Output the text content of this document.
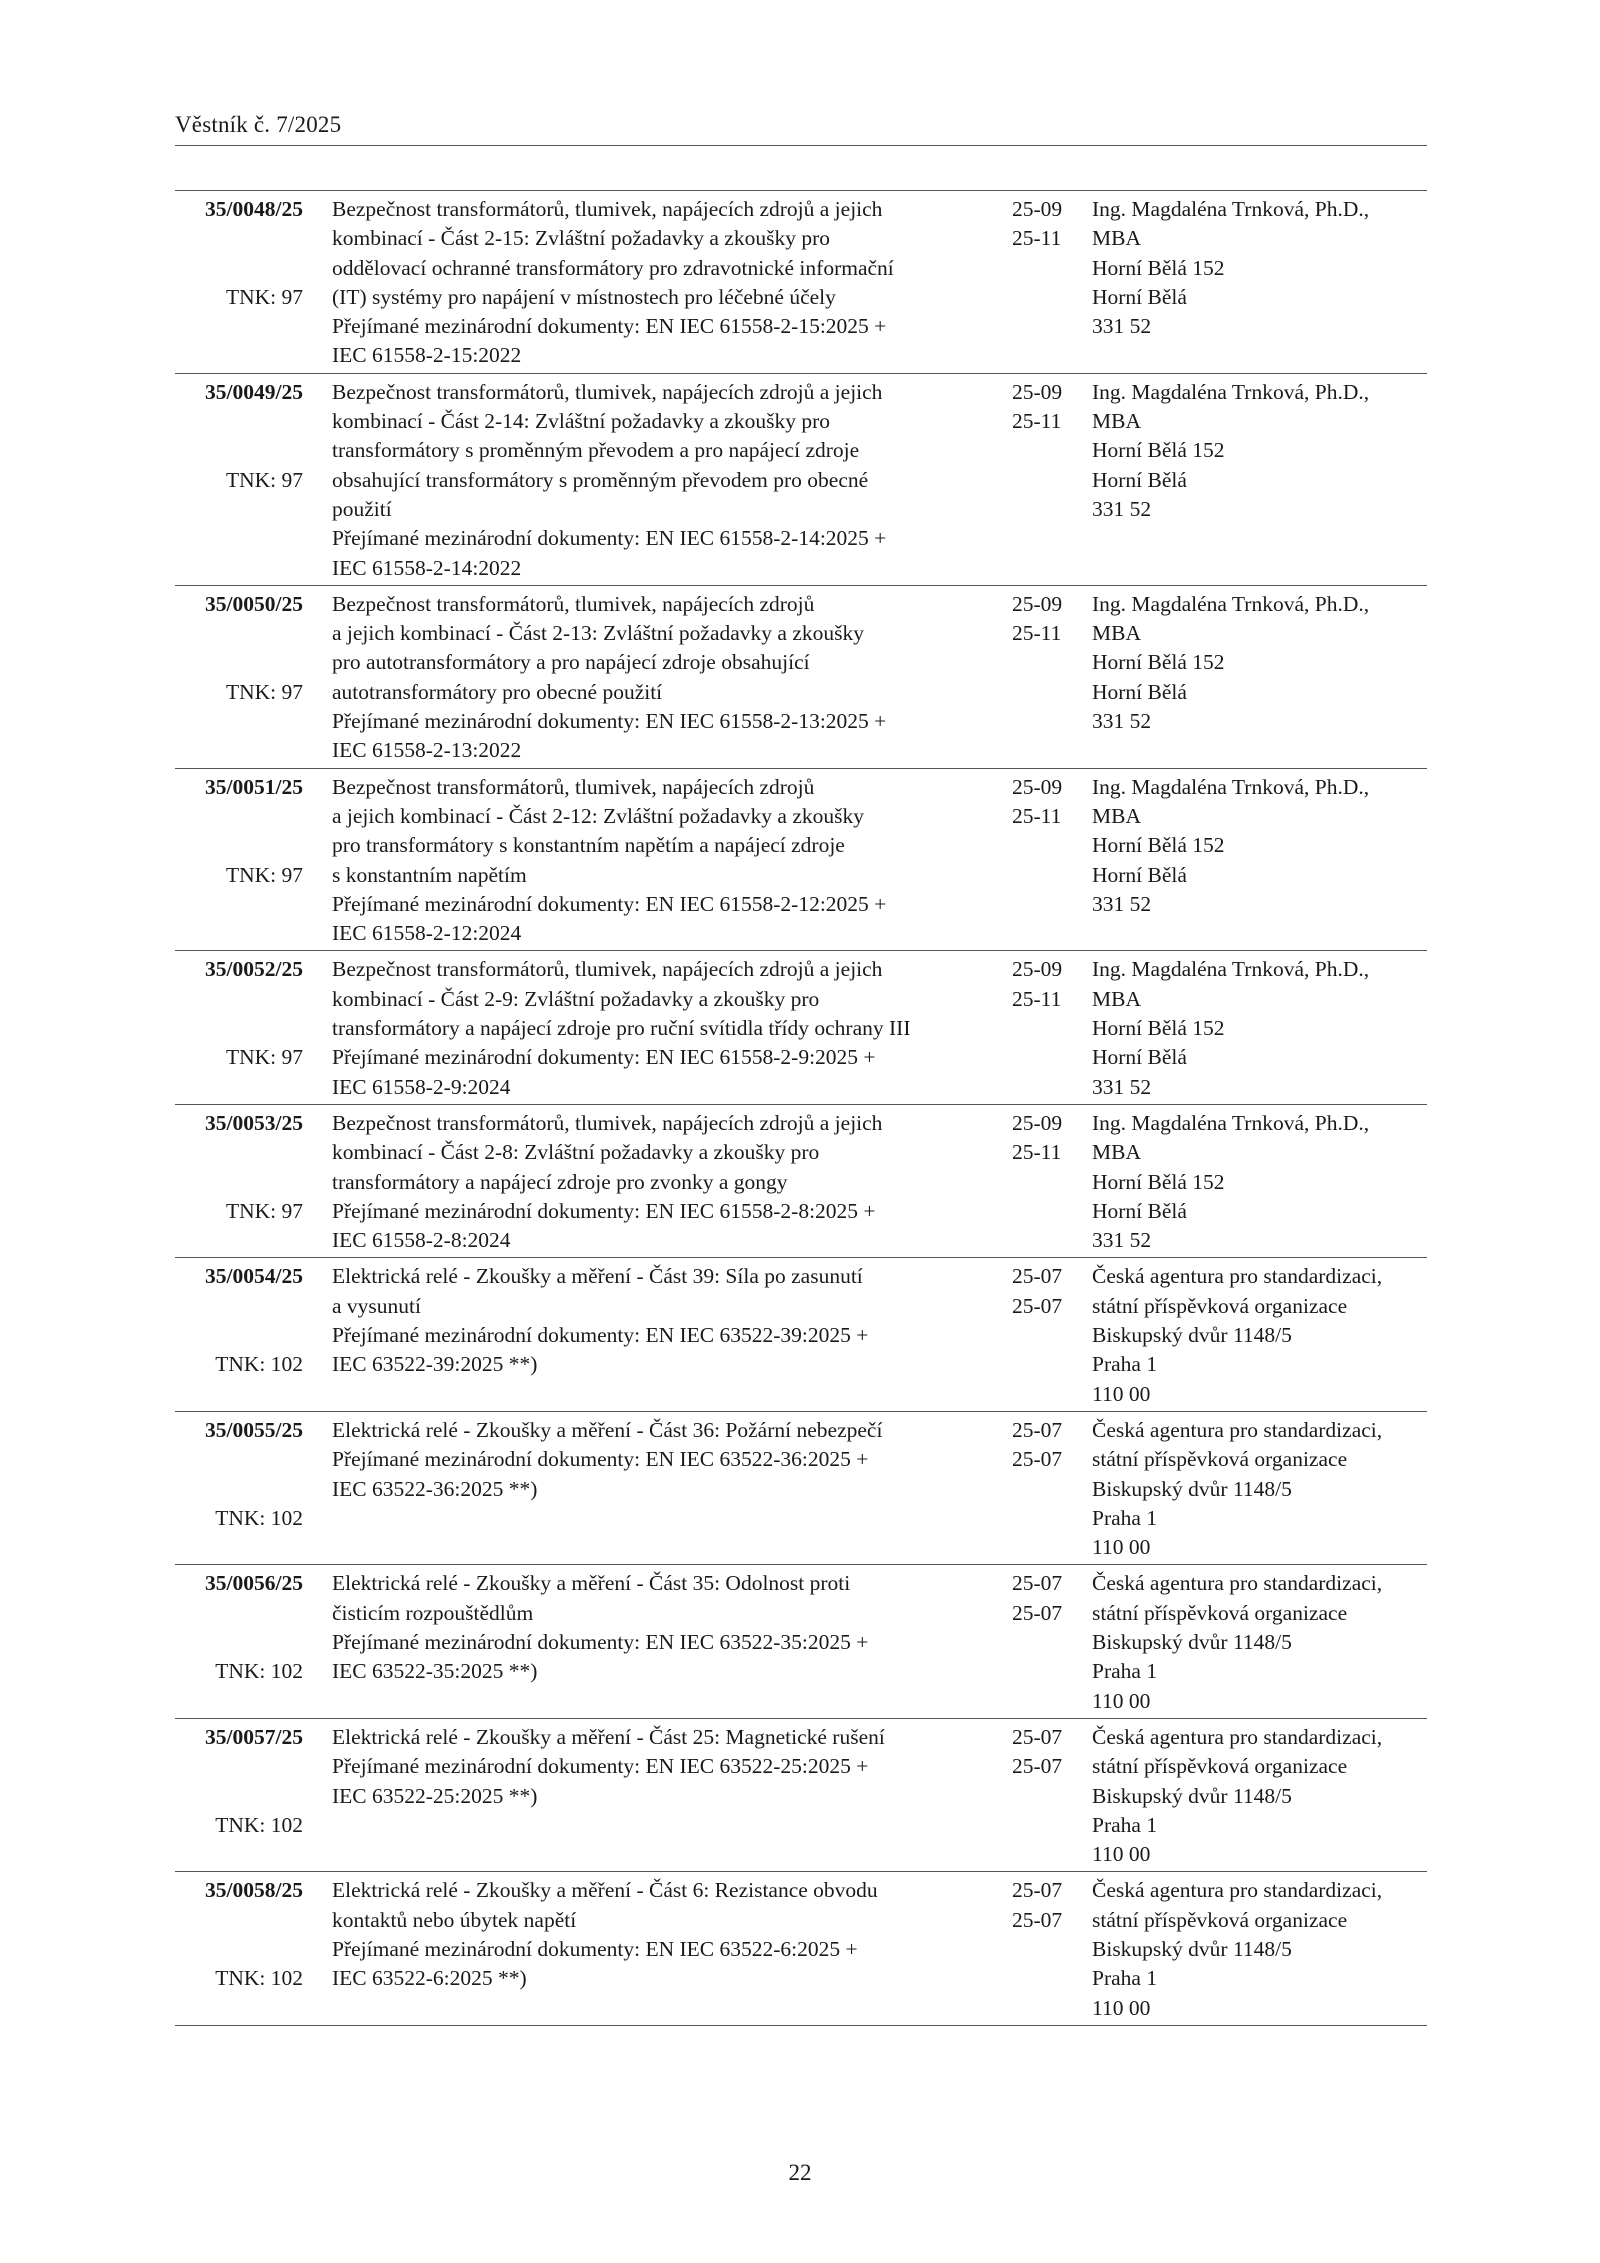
Věstník č. 7/2025
35/0048/25
TNK: 97
Bezpečnost transformátorů, tlumivek, napájecích zdrojů a jejich
kombinací - Část 2-15: Zvláštní požadavky a zkoušky pro
oddělovací ochranné transformátory pro zdravotnické informační
(IT) systémy pro napájení v místnostech pro léčebné účely
Přejímané mezinárodní dokumenty: EN IEC 61558-2-15:2025 +
IEC 61558-2-15:2022
25-09
25-11
Ing. Magdaléna Trnková, Ph.D.,
MBA
Horní Bělá 152
Horní Bělá
331 52
35/0049/25
TNK: 97
Bezpečnost transformátorů, tlumivek, napájecích zdrojů a jejich
kombinací - Část 2-14: Zvláštní požadavky a zkoušky pro
transformátory s proměnným převodem a pro napájecí zdroje
obsahující transformátory s proměnným převodem pro obecné
použití
Přejímané mezinárodní dokumenty: EN IEC 61558-2-14:2025 +
IEC 61558-2-14:2022
25-09
25-11
Ing. Magdaléna Trnková, Ph.D.,
MBA
Horní Bělá 152
Horní Bělá
331 52
35/0050/25
TNK: 97
Bezpečnost transformátorů, tlumivek, napájecích zdrojů
a jejich kombinací - Část 2-13: Zvláštní požadavky a zkoušky
pro autotransformátory a pro napájecí zdroje obsahující
autotransformátory pro obecné použití
Přejímané mezinárodní dokumenty: EN IEC 61558-2-13:2025 +
IEC 61558-2-13:2022
25-09
25-11
Ing. Magdaléna Trnková, Ph.D.,
MBA
Horní Bělá 152
Horní Bělá
331 52
35/0051/25
TNK: 97
Bezpečnost transformátorů, tlumivek, napájecích zdrojů
a jejich kombinací - Část 2-12: Zvláštní požadavky a zkoušky
pro transformátory s konstantním napětím a napájecí zdroje
s konstantním napětím
Přejímané mezinárodní dokumenty: EN IEC 61558-2-12:2025 +
IEC 61558-2-12:2024
25-09
25-11
Ing. Magdaléna Trnková, Ph.D.,
MBA
Horní Bělá 152
Horní Bělá
331 52
35/0052/25
TNK: 97
Bezpečnost transformátorů, tlumivek, napájecích zdrojů a jejich
kombinací - Část 2-9: Zvláštní požadavky a zkoušky pro
transformátory a napájecí zdroje pro ruční svítidla třídy ochrany III
Přejímané mezinárodní dokumenty: EN IEC 61558-2-9:2025 +
IEC 61558-2-9:2024
25-09
25-11
Ing. Magdaléna Trnková, Ph.D.,
MBA
Horní Bělá 152
Horní Bělá
331 52
35/0053/25
TNK: 97
Bezpečnost transformátorů, tlumivek, napájecích zdrojů a jejich
kombinací - Část 2-8: Zvláštní požadavky a zkoušky pro
transformátory a napájecí zdroje pro zvonky a gongy
Přejímané mezinárodní dokumenty: EN IEC 61558-2-8:2025 +
IEC 61558-2-8:2024
25-09
25-11
Ing. Magdaléna Trnková, Ph.D.,
MBA
Horní Bělá 152
Horní Bělá
331 52
35/0054/25
TNK: 102
Elektrická relé - Zkoušky a měření - Část 39: Síla po zasunutí
a vysunutí
Přejímané mezinárodní dokumenty: EN IEC 63522-39:2025 +
IEC 63522-39:2025 **)
25-07
25-07
Česká agentura pro standardizaci,
státní příspěvková organizace
Biskupský dvůr 1148/5
Praha 1
110 00
35/0055/25
TNK: 102
Elektrická relé - Zkoušky a měření - Část 36: Požární nebezpečí
Přejímané mezinárodní dokumenty: EN IEC 63522-36:2025 +
IEC 63522-36:2025 **)
25-07
25-07
Česká agentura pro standardizaci,
státní příspěvková organizace
Biskupský dvůr 1148/5
Praha 1
110 00
35/0056/25
TNK: 102
Elektrická relé - Zkoušky a měření - Část 35: Odolnost proti
čisticím rozpouštědlům
Přejímané mezinárodní dokumenty: EN IEC 63522-35:2025 +
IEC 63522-35:2025 **)
25-07
25-07
Česká agentura pro standardizaci,
státní příspěvková organizace
Biskupský dvůr 1148/5
Praha 1
110 00
35/0057/25
TNK: 102
Elektrická relé - Zkoušky a měření - Část 25: Magnetické rušení
Přejímané mezinárodní dokumenty: EN IEC 63522-25:2025 +
IEC 63522-25:2025 **)
25-07
25-07
Česká agentura pro standardizaci,
státní příspěvková organizace
Biskupský dvůr 1148/5
Praha 1
110 00
35/0058/25
TNK: 102
Elektrická relé - Zkoušky a měření - Část 6: Rezistance obvodu
kontaktů nebo úbytek napětí
Přejímané mezinárodní dokumenty: EN IEC 63522-6:2025 +
IEC 63522-6:2025 **)
25-07
25-07
Česká agentura pro standardizaci,
státní příspěvková organizace
Biskupský dvůr 1148/5
Praha 1
110 00
22
